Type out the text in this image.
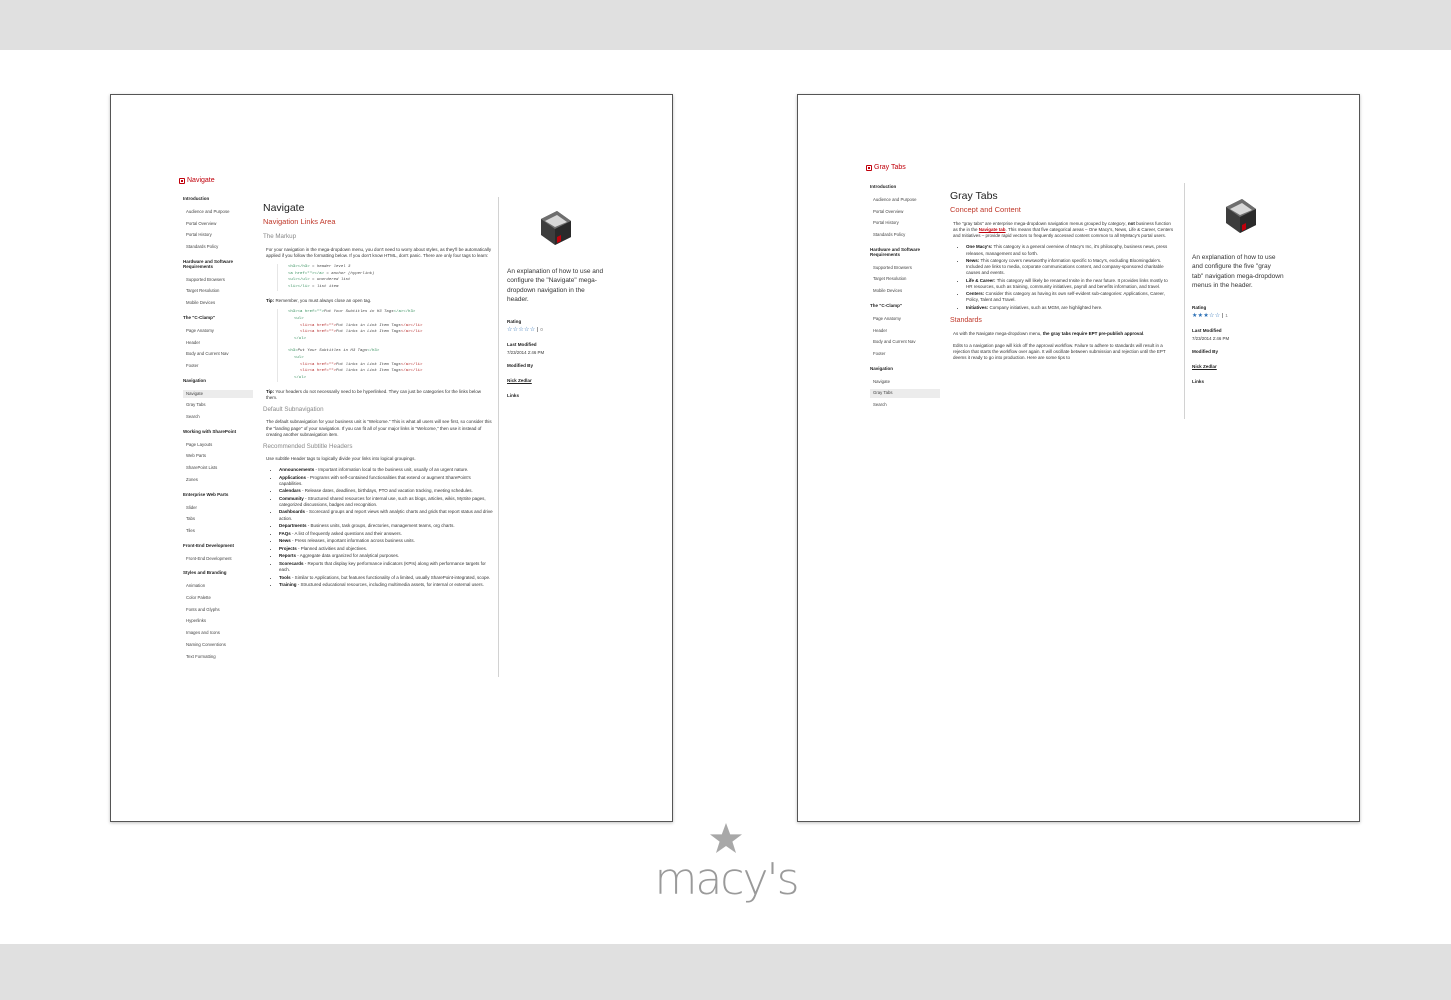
Navigate
Introduction
Audience and Purpose
Portal Overview
Portal History
Standards Policy
Hardware and Software Requirements
Supported Browsers
Target Resolution
Mobile Devices
The "C-Clamp"
Page Anatomy
Header
Body and Current Nav
Footer
Navigation
Navigate
Gray Tabs
Search
Working with SharePoint
Page Layouts
Web Parts
SharePoint Lists
Zones
Enterprise Web Parts
Slider
Tabs
Tiles
Front-End Development
Front-End Development
Styles and Branding
Animation
Color Palette
Fonts and Glyphs
Hyperlinks
Images and Icons
Naming Conventions
Text Formatting
Navigate
Navigation Links Area
The Markup

For your navigation in the mega-dropdown menu, you don't need to worry about styles, as they'll be automatically applied if you follow the formatting below. If you don't know HTML, don't panic. There are only four tags to learn:

<h3></h3> = header level 3
<a href=""></a> = anchor (hyperlink)
<ul></ul> = unordered list
<li></li> = list item

Tip: Remember, you must always close an open tag.

<h3><a href="">Put Your Subtitles in H3 Tags</a></h3>
<ul>
<li><a href="">Put links in Link Item Tags</a></li>
<li><a href="">Put links in Link Item Tags</a></li>
</ul>
<h3>Put Your Subtitles in H3 Tags</h3>
<ul>
<li><a href="">Put links in Link Item Tags</a></li>
<li><a href="">Put links in Link Item Tags</a></li>
</ul>

Tip: Your headers do not necessarily need to be hyperlinked. They can just be categories for the links below them.

Default Subnavigation

The default subnavigation for your business unit is "Welcome." This is what all users will see first, so consider this the "landing page" of your navigation. If you can fit all of your major links in "Welcome," then use it instead of creating another subnavigation item.

Recommended Subtitle Headers

Use subtitle Header tags to logically divide your links into logical groupings.

• Announcements - Important information local to the business unit, usually of an urgent nature.
• Applications - Programs with self-contained functionalities that extend or augment SharePoint's capabilities.
• Calendars - Release dates, deadlines, birthdays, PTO and vacation tracking, meeting schedules.
• Community - Structured shared resources for internal use, such as blogs, articles, wikis, MySite pages, categorized discussions, badges and recognition.
• Dashboards - Scorecard groups and report views with analytic charts and grids that report status and drive action.
• Departments - Business units, task groups, directories, management teams, org charts.
• FAQs - A list of frequently asked questions and their answers.
• News - Press releases, important information across business units.
• Projects - Planned activities and objectives.
• Reports - Aggregate data organized for analytical purposes.
• Scorecards - Reports that display key performance indicators (KPIs) along with performance targets for each.
• Tools - Similar to Applications, but features functionality of a limited, usually SharePoint-integrated, scope.
• Training - Structured educational resources, including multimedia assets, for internal or external users.
An explanation of how to use and configure the "Navigate" mega-dropdown navigation in the header.
Rating
☆☆☆☆☆ 0
Last Modified
7/23/2014 2:46 PM
Modified By
Nick Zedlar
Links
Gray Tabs
Introduction
Audience and Purpose
Portal Overview
Portal History
Standards Policy
Hardware and Software Requirements
Supported Browsers
Target Resolution
Mobile Devices
The "C-Clamp"
Page Anatomy
Header
Body and Current Nav
Footer
Navigation
Navigate
Gray Tabs
Search
Gray Tabs
Concept and Content

The "gray tabs" are enterprise mega-dropdown navigation menus grouped by category, not business function as the in the Navigate tab. This means that five categorical areas – One Macy's, News, Life & Career, Centers and Initiatives – provide rapid vectors to frequently accessed content common to all MyMacy's portal users.

• One Macy's: This category is a general overview of Macy's Inc, it's philosophy, business news, press releases, management and so forth.
• News: This category covers newsworthy information specific to Macy's, excluding Bloomingdale's. Included are links to media, corporate communications content, and company-sponsored charitable causes and events.
• Life & Career: This category will likely be renamed Insite in the near future. It provides links mostly to HR resources, such as training, community initiatives, payroll and benefits information, and travel.
• Centers: Consider this category as having its own self-evident sub-categories: Applications, Career, Policy, Talent and Travel.
• Initiatives: Company initiatives, such as MGM, are highlighted here.
Standards

As with the Navigate mega-dropdown menu, the gray tabs require EPT pre-publish approval.

Edits to a navigation page will kick off the approval workflow. Failure to adhere to standards will result in a rejection that starts the workflow over again. It will oscillate between submission and rejection until the EPT deems it ready to go into production. Here are some tips to

An explanation of how to use and configure the five "gray tab" navigation mega-dropdown menus in the header.
Rating
★★★☆☆ 1
Last Modified
7/23/2014 2:46 PM
Modified By
Nick Zedlar
Links
macy's
